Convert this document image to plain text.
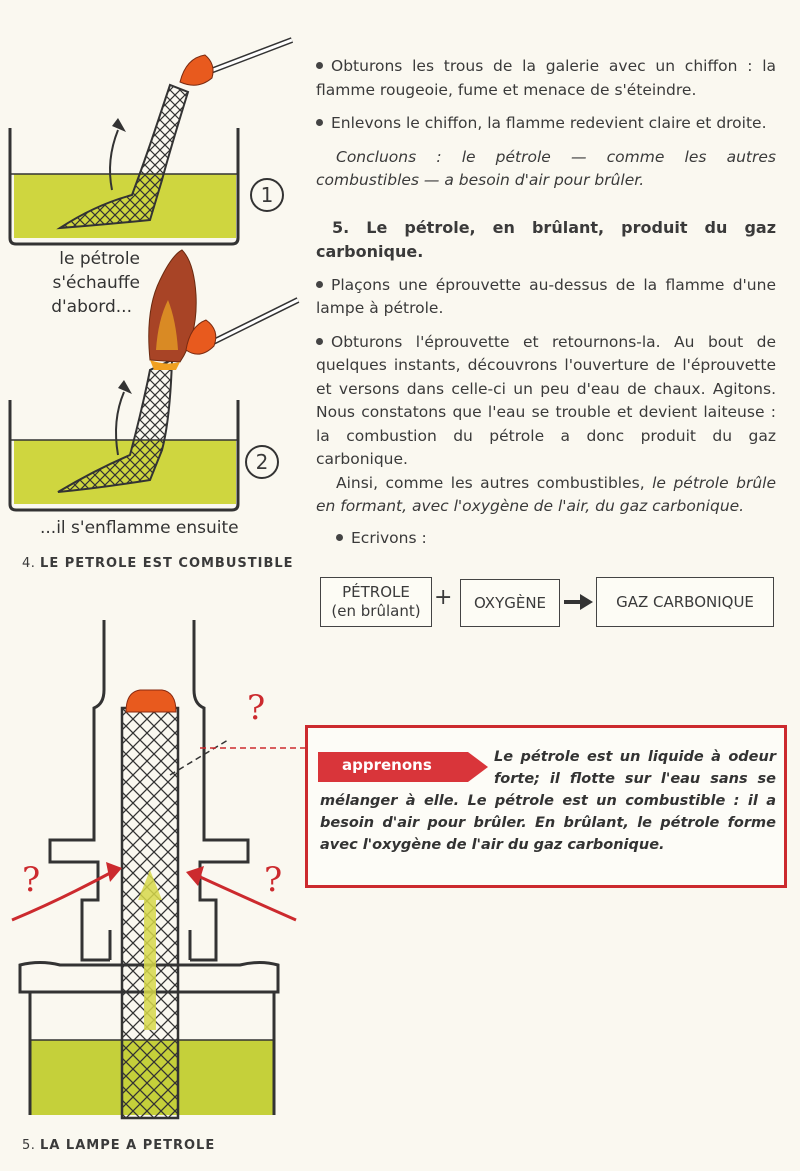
Obturons les trous de la galerie avec un chiffon : la flamme rougeoie, fume et menace de s'éteindre.

Enlevons le chiffon, la flamme redevient claire et droite.

Concluons : le pétrole — comme les autres combustibles — a besoin d'air pour brûler.

5. Le pétrole, en brûlant, produit du gaz carbonique.

Plaçons une éprouvette au-dessus de la flamme d'une lampe à pétrole.

Obturons l'éprouvette et retournons-la. Au bout de quelques instants, découvrons l'ouverture de l'éprouvette et versons dans celle-ci un peu d'eau de chaux. Agitons. Nous constatons que l'eau se trouble et devient laiteuse : la combustion du pétrole a donc produit du gaz carbonique.

Ainsi, comme les autres combustibles, le pétrole brûle en formant, avec l'oxygène de l'air, du gaz carbonique.

Ecrivons :

PÉTROLE
(en brûlant)
+ OXYGÈNE	GAZ CARBONIQUE
1
2
le pétrole
s'échauffe
d'abord...
...il s'enflamme ensuite
4. LE PETROLE EST COMBUSTIBLE
?
?	?
5. LA LAMPE A PETROLE
apprenons	Le pétrole est un liquide à odeur forte; il flotte sur l'eau sans se mélanger à elle. Le pétrole est un combustible : il a besoin d'air pour brûler. En brûlant, le pétrole forme avec l'oxygène de l'air du gaz carbonique.
